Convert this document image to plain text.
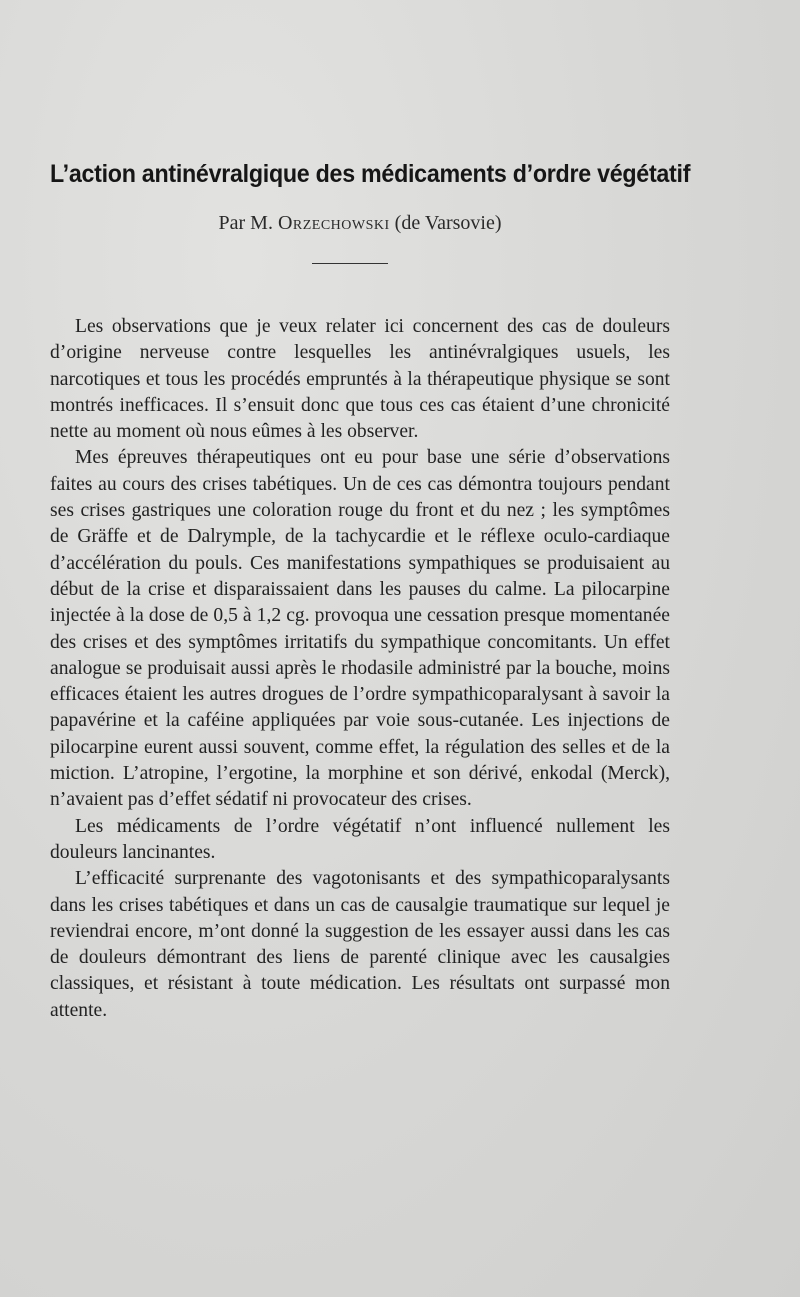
L’action antinévralgique des médicaments d’ordre végétatif

Par M. Orzechowski (de Varsovie)

Les observations que je veux relater ici concernent des cas de douleurs d’origine nerveuse contre lesquelles les antinévralgiques usuels, les narcotiques et tous les procédés empruntés à la thérapeutique physique se sont montrés inefficaces. Il s’ensuit donc que tous ces cas étaient d’une chronicité nette au moment où nous eûmes à les observer.

Mes épreuves thérapeutiques ont eu pour base une série d’observations faites au cours des crises tabétiques. Un de ces cas démontra toujours pendant ses crises gastriques une coloration rouge du front et du nez ; les symptômes de Gräffe et de Dalrymple, de la tachycardie et le réflexe oculo-cardiaque d’accélération du pouls. Ces manifestations sympathiques se produisaient au début de la crise et disparaissaient dans les pauses du calme. La pilocarpine injectée à la dose de 0,5 à 1,2 cg. provoqua une cessation presque momentanée des crises et des symptômes irritatifs du sympathique concomitants. Un effet analogue se produisait aussi après le rhodasile administré par la bouche, moins efficaces étaient les autres drogues de l’ordre sympathicoparalysant à savoir la papavérine et la caféine appliquées par voie sous-cutanée. Les injections de pilocarpine eurent aussi souvent, comme effet, la régulation des selles et de la miction. L’atropine, l’ergotine, la morphine et son dérivé, enkodal (Merck), n’avaient pas d’effet sédatif ni provocateur des crises.

Les médicaments de l’ordre végétatif n’ont influencé nullement les douleurs lancinantes.

L’efficacité surprenante des vagotonisants et des sympathicoparalysants dans les crises tabétiques et dans un cas de causalgie traumatique sur lequel je reviendrai encore, m’ont donné la suggestion de les essayer aussi dans les cas de douleurs démontrant des liens de parenté clinique avec les causalgies classiques, et résistant à toute médication. Les résultats ont surpassé mon attente.
